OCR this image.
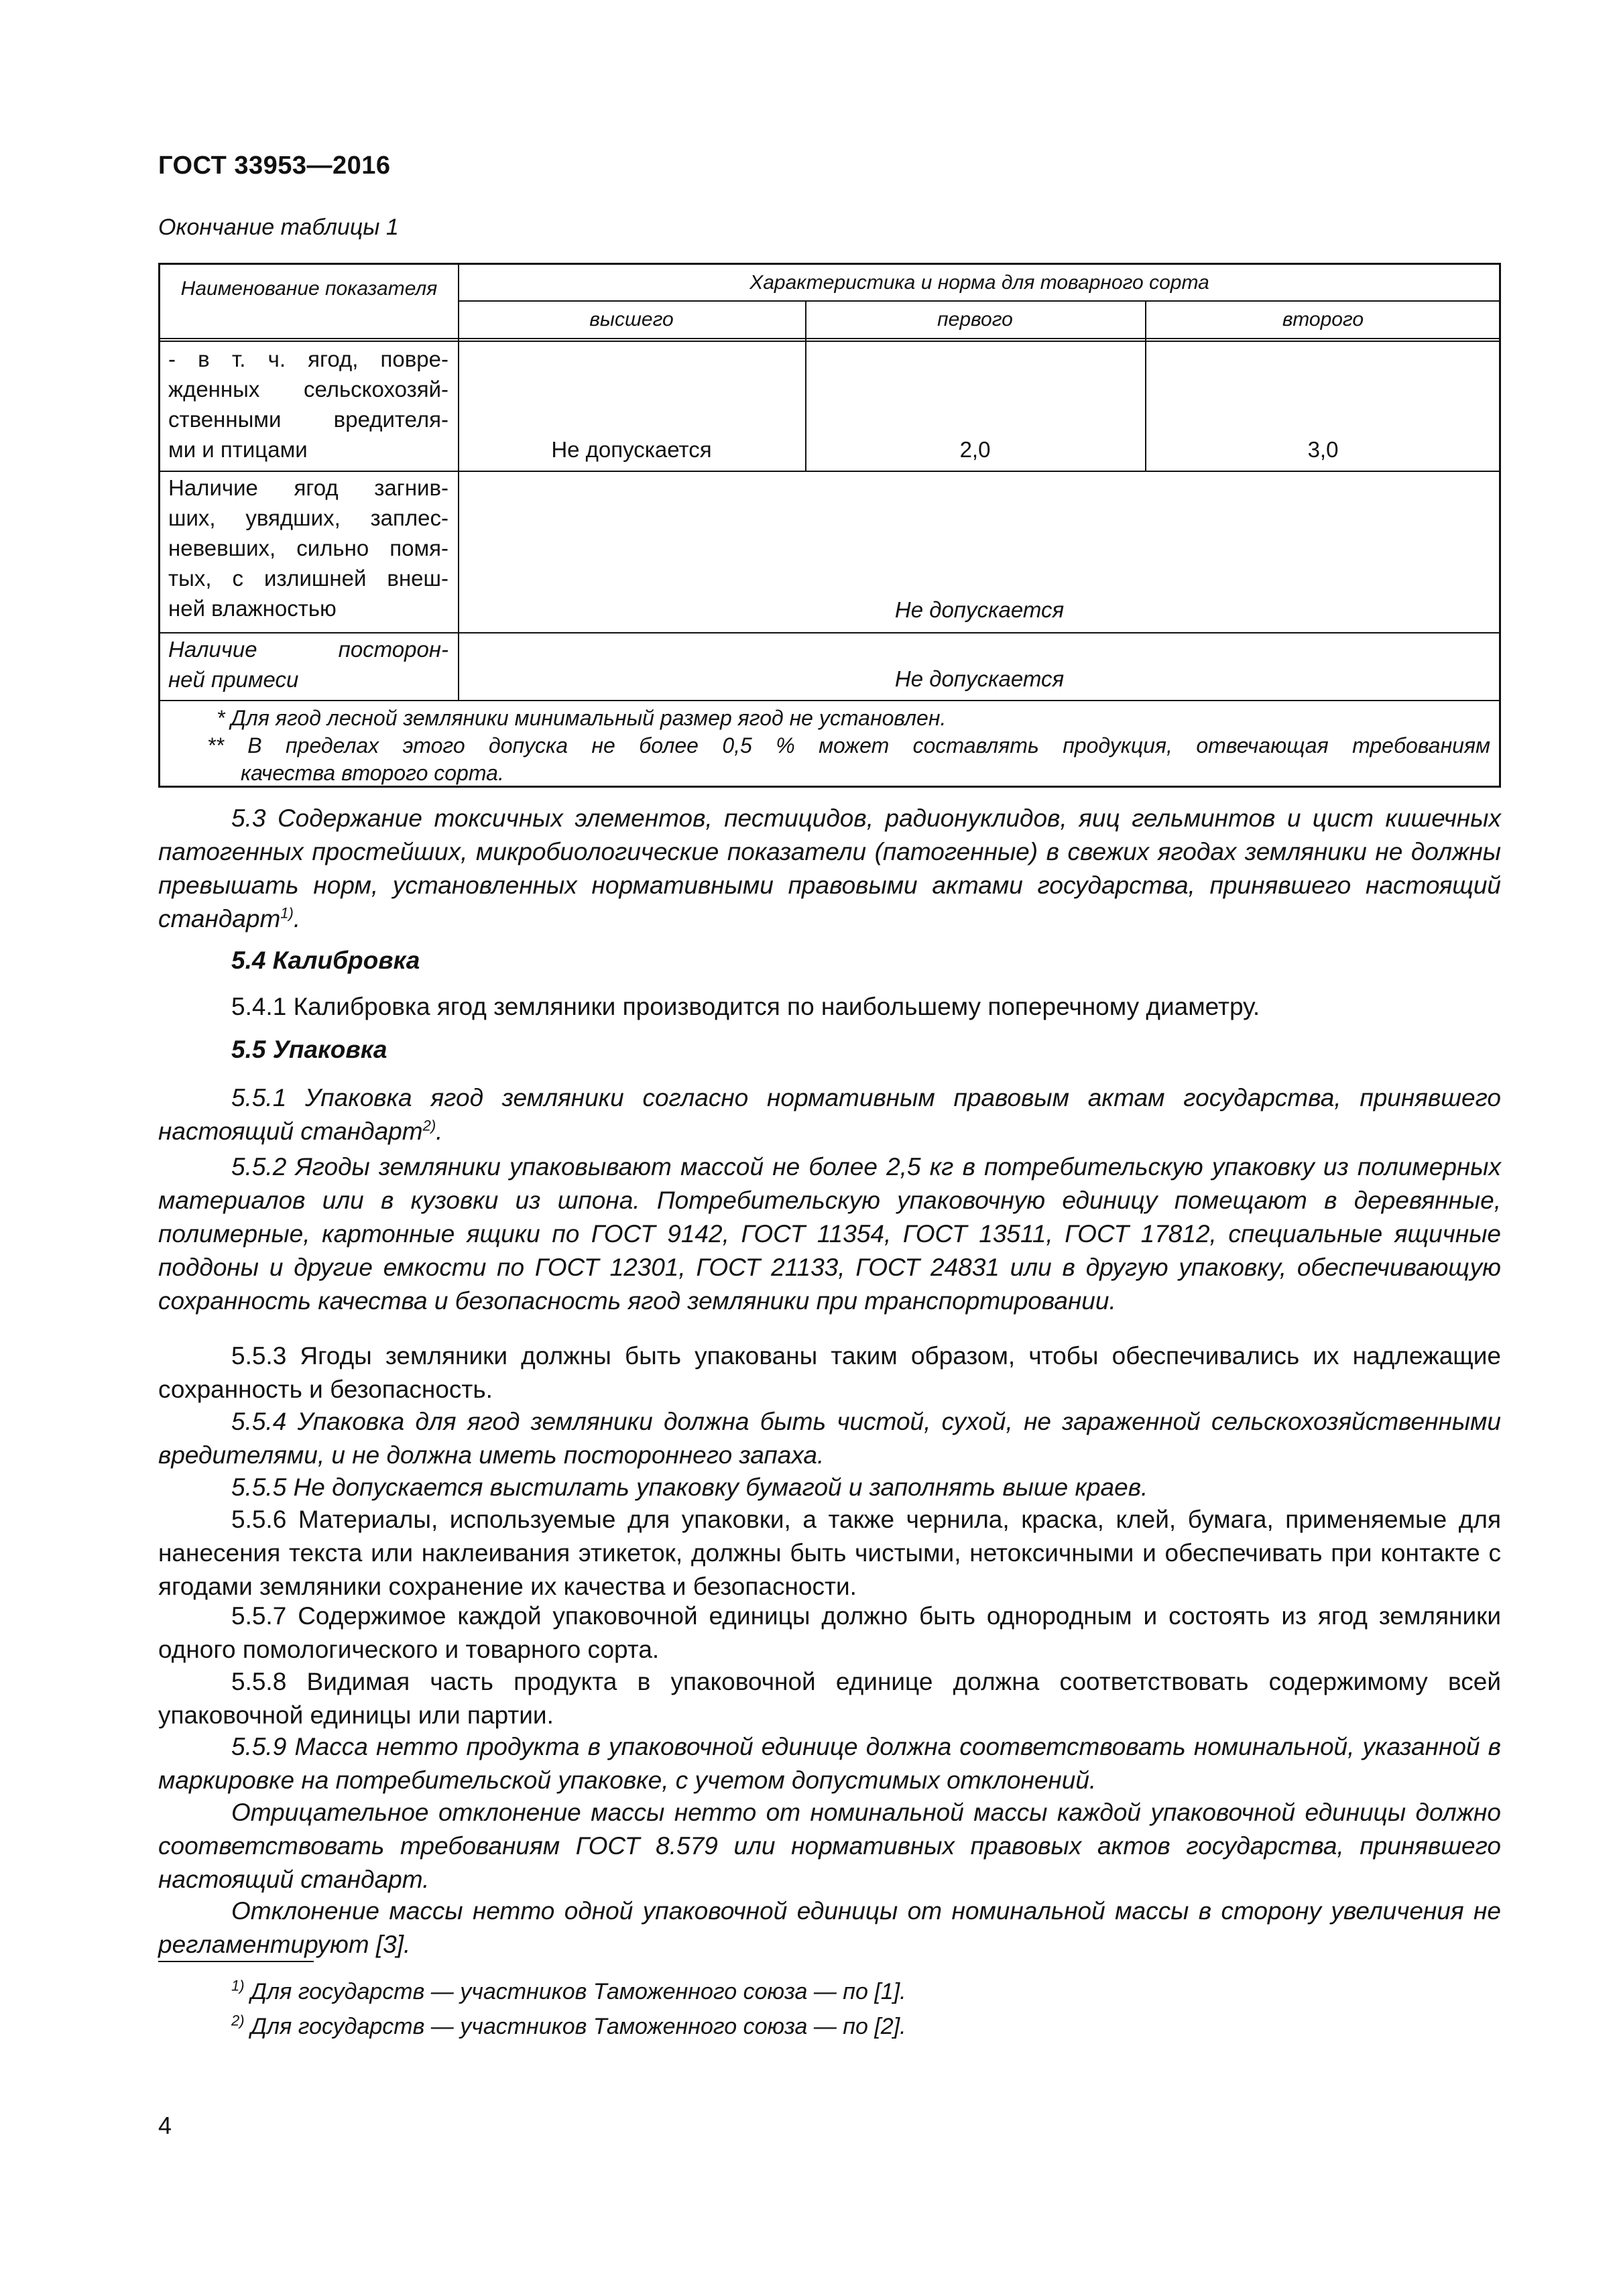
ГОСТ 33953—2016
Окончание таблицы 1
Наименование показателя	Характеристика и норма для товарного сорта
высшего	первого	второго
- в т. ч. ягод, повре-
жденных сельскохозяй-
ственными вредителя-
ми и птицами	Не допускается	2,0	3,0
Наличие ягод загнив-
ших, увядших, заплес-
невевших, сильно помя-
тых, с излишней внеш-
ней влажностью	Не допускается
Наличие посторон-
ней примеси	Не допускается
* Для ягод лесной земляники минимальный размер ягод не установлен.
** В пределах этого допуска не более 0,5 % может составлять продукция, отвечающая требованиям
качества второго сорта.
5.3 Содержание токсичных элементов, пестицидов, радионуклидов, яиц гельминтов и цист кишечных патогенных простейших, микробиологические показатели (патогенные) в свежих ягодах земляники не должны превышать норм, установленных нормативными правовыми актами государства, принявшего настоящий стандарт$^{1)}$.
5.4 Калибровка
5.4.1 Калибровка ягод земляники производится по наибольшему поперечному диаметру.
5.5 Упаковка
5.5.1 Упаковка ягод земляники согласно нормативным правовым актам государства, принявшего настоящий стандарт$^{2)}$.
5.5.2 Ягоды земляники упаковывают массой не более 2,5 кг в потребительскую упаковку из полимерных материалов или в кузовки из шпона. Потребительскую упаковочную единицу помещают в деревянные, полимерные, картонные ящики по ГОСТ 9142, ГОСТ 11354, ГОСТ 13511, ГОСТ 17812, специальные ящичные поддоны и другие емкости по ГОСТ 12301, ГОСТ 21133, ГОСТ 24831 или в другую упаковку, обеспечивающую сохранность качества и безопасность ягод земляники при транспортировании.
5.5.3 Ягоды земляники должны быть упакованы таким образом, чтобы обеспечивались их надлежащие сохранность и безопасность.
5.5.4 Упаковка для ягод земляники должна быть чистой, сухой, не зараженной сельскохозяйственными вредителями, и не должна иметь постороннего запаха.
5.5.5 Не допускается выстилать упаковку бумагой и заполнять выше краев.
5.5.6 Материалы, используемые для упаковки, а также чернила, краска, клей, бумага, применяемые для нанесения текста или наклеивания этикеток, должны быть чистыми, нетоксичными и обеспечивать при контакте с ягодами земляники сохранение их качества и безопасности.
5.5.7 Содержимое каждой упаковочной единицы должно быть однородным и состоять из ягод земляники одного помологического и товарного сорта.
5.5.8 Видимая часть продукта в упаковочной единице должна соответствовать содержимому всей упаковочной единицы или партии.
5.5.9 Масса нетто продукта в упаковочной единице должна соответствовать номинальной, указанной в маркировке на потребительской упаковке, с учетом допустимых отклонений.
Отрицательное отклонение массы нетто от номинальной массы каждой упаковочной единицы должно соответствовать требованиям ГОСТ 8.579 или нормативных правовых актов государства, принявшего настоящий стандарт.
Отклонение массы нетто одной упаковочной единицы от номинальной массы в сторону увеличения не регламентируют [3].
$^{1)}$ Для государств — участников Таможенного союза — по [1].
$^{2)}$ Для государств — участников Таможенного союза — по [2].
4
